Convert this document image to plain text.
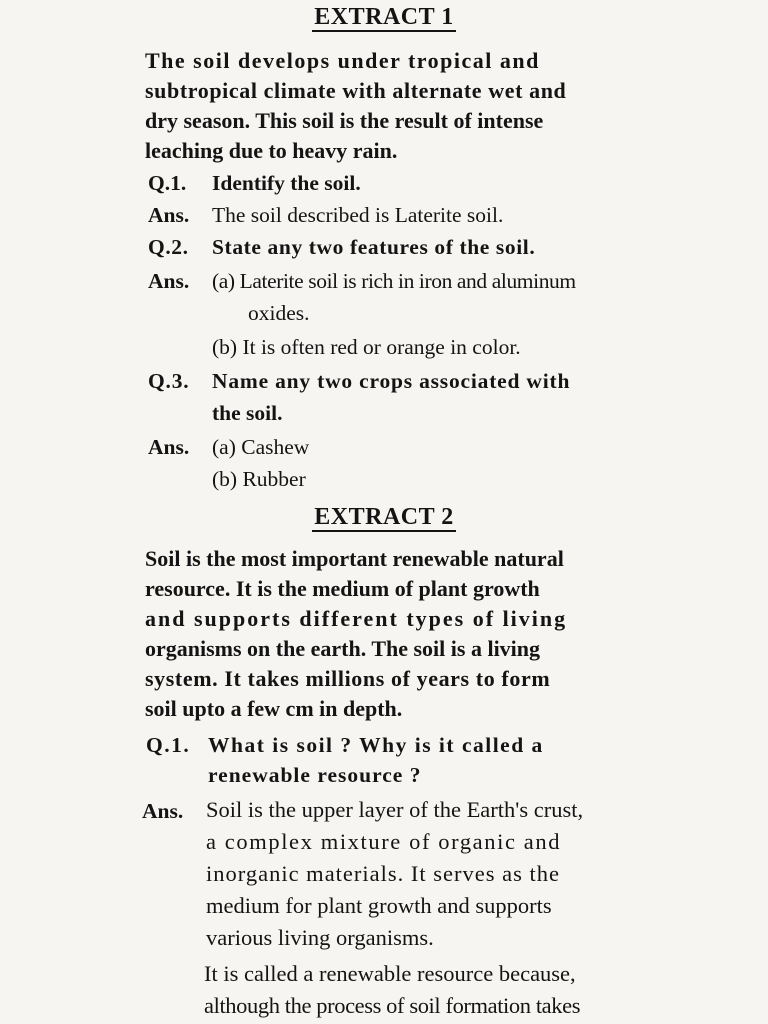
EXTRACT 1
The soil develops under tropical and
subtropical climate with alternate wet and
dry season. This soil is the result of intense
leaching due to heavy rain.
Q.1. Identify the soil.
Ans. The soil described is Laterite soil.
Q.2. State any two features of the soil.
Ans. (a) Laterite soil is rich in iron and aluminum
oxides.
(b) It is often red or orange in color.
Q.3. Name any two crops associated with
the soil.
Ans. (a) Cashew
(b) Rubber
EXTRACT 2
Soil is the most important renewable natural
resource. It is the medium of plant growth
and supports different types of living
organisms on the earth. The soil is a living
system. It takes millions of years to form
soil upto a few cm in depth.
Q.1. What is soil ? Why is it called a
renewable resource ?
Ans. Soil is the upper layer of the Earth's crust,
a complex mixture of organic and
inorganic materials. It serves as the
medium for plant growth and supports
various living organisms.
It is called a renewable resource because,
although the process of soil formation takes
